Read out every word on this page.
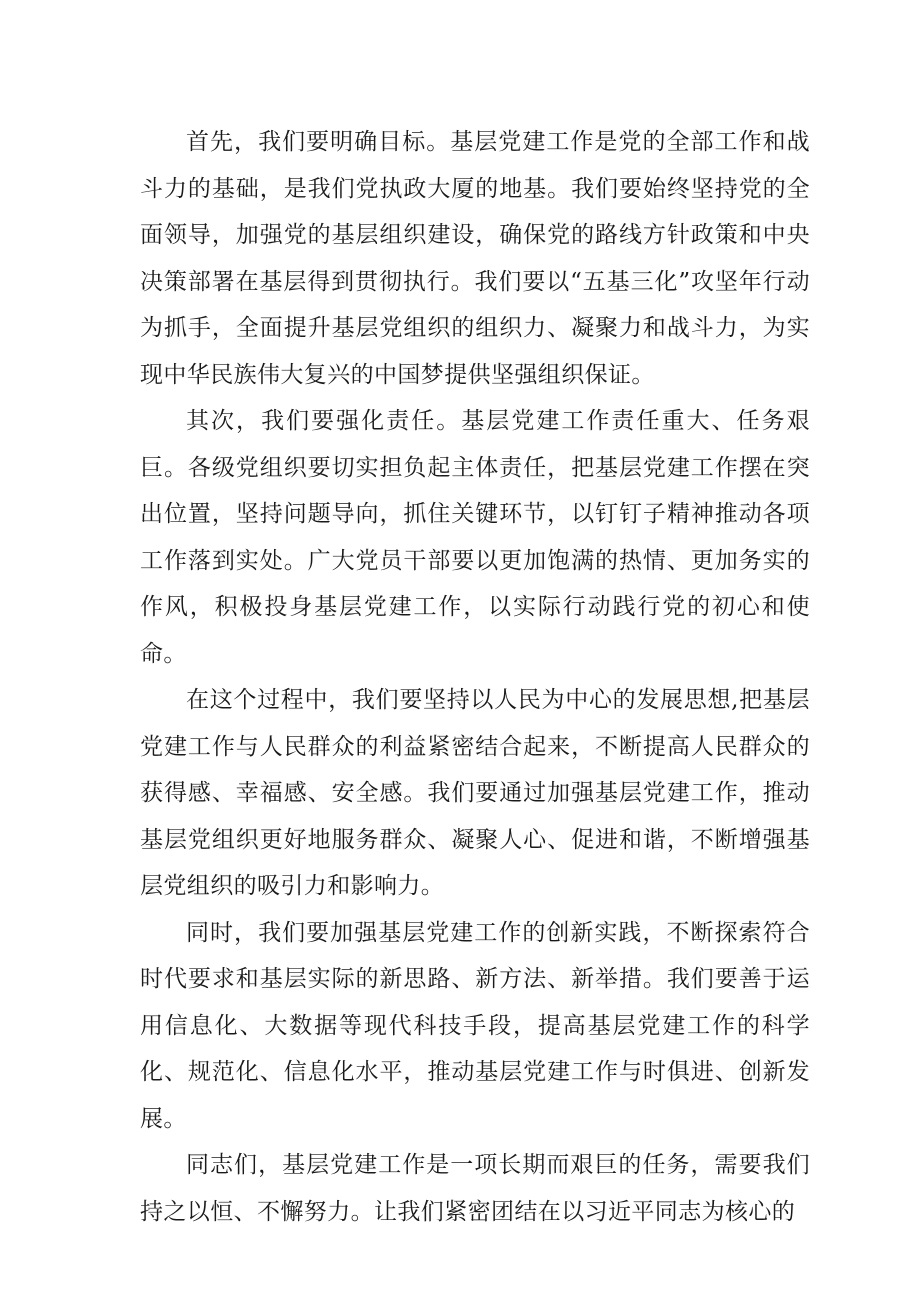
首先，我们要明确目标。基层党建工作是党的全部工作和战斗力的基础，是我们党执政大厦的地基。我们要始终坚持党的全面领导，加强党的基层组织建设，确保党的路线方针政策和中央决策部署在基层得到贯彻执行。我们要以“五基三化”攻坚年行动为抓手，全面提升基层党组织的组织力、凝聚力和战斗力，为实现中华民族伟大复兴的中国梦提供坚强组织保证。

其次，我们要强化责任。基层党建工作责任重大、任务艰巨。各级党组织要切实担负起主体责任，把基层党建工作摆在突出位置，坚持问题导向，抓住关键环节，以钉钉子精神推动各项工作落到实处。广大党员干部要以更加饱满的热情、更加务实的作风，积极投身基层党建工作，以实际行动践行党的初心和使命。

在这个过程中，我们要坚持以人民为中心的发展思想,把基层党建工作与人民群众的利益紧密结合起来，不断提高人民群众的获得感、幸福感、安全感。我们要通过加强基层党建工作，推动基层党组织更好地服务群众、凝聚人心、促进和谐，不断增强基层党组织的吸引力和影响力。

同时，我们要加强基层党建工作的创新实践，不断探索符合时代要求和基层实际的新思路、新方法、新举措。我们要善于运用信息化、大数据等现代科技手段，提高基层党建工作的科学化、规范化、信息化水平，推动基层党建工作与时俱进、创新发展。

同志们，基层党建工作是一项长期而艰巨的任务，需要我们持之以恒、不懈努力。让我们紧密团结在以习近平同志为核心的
